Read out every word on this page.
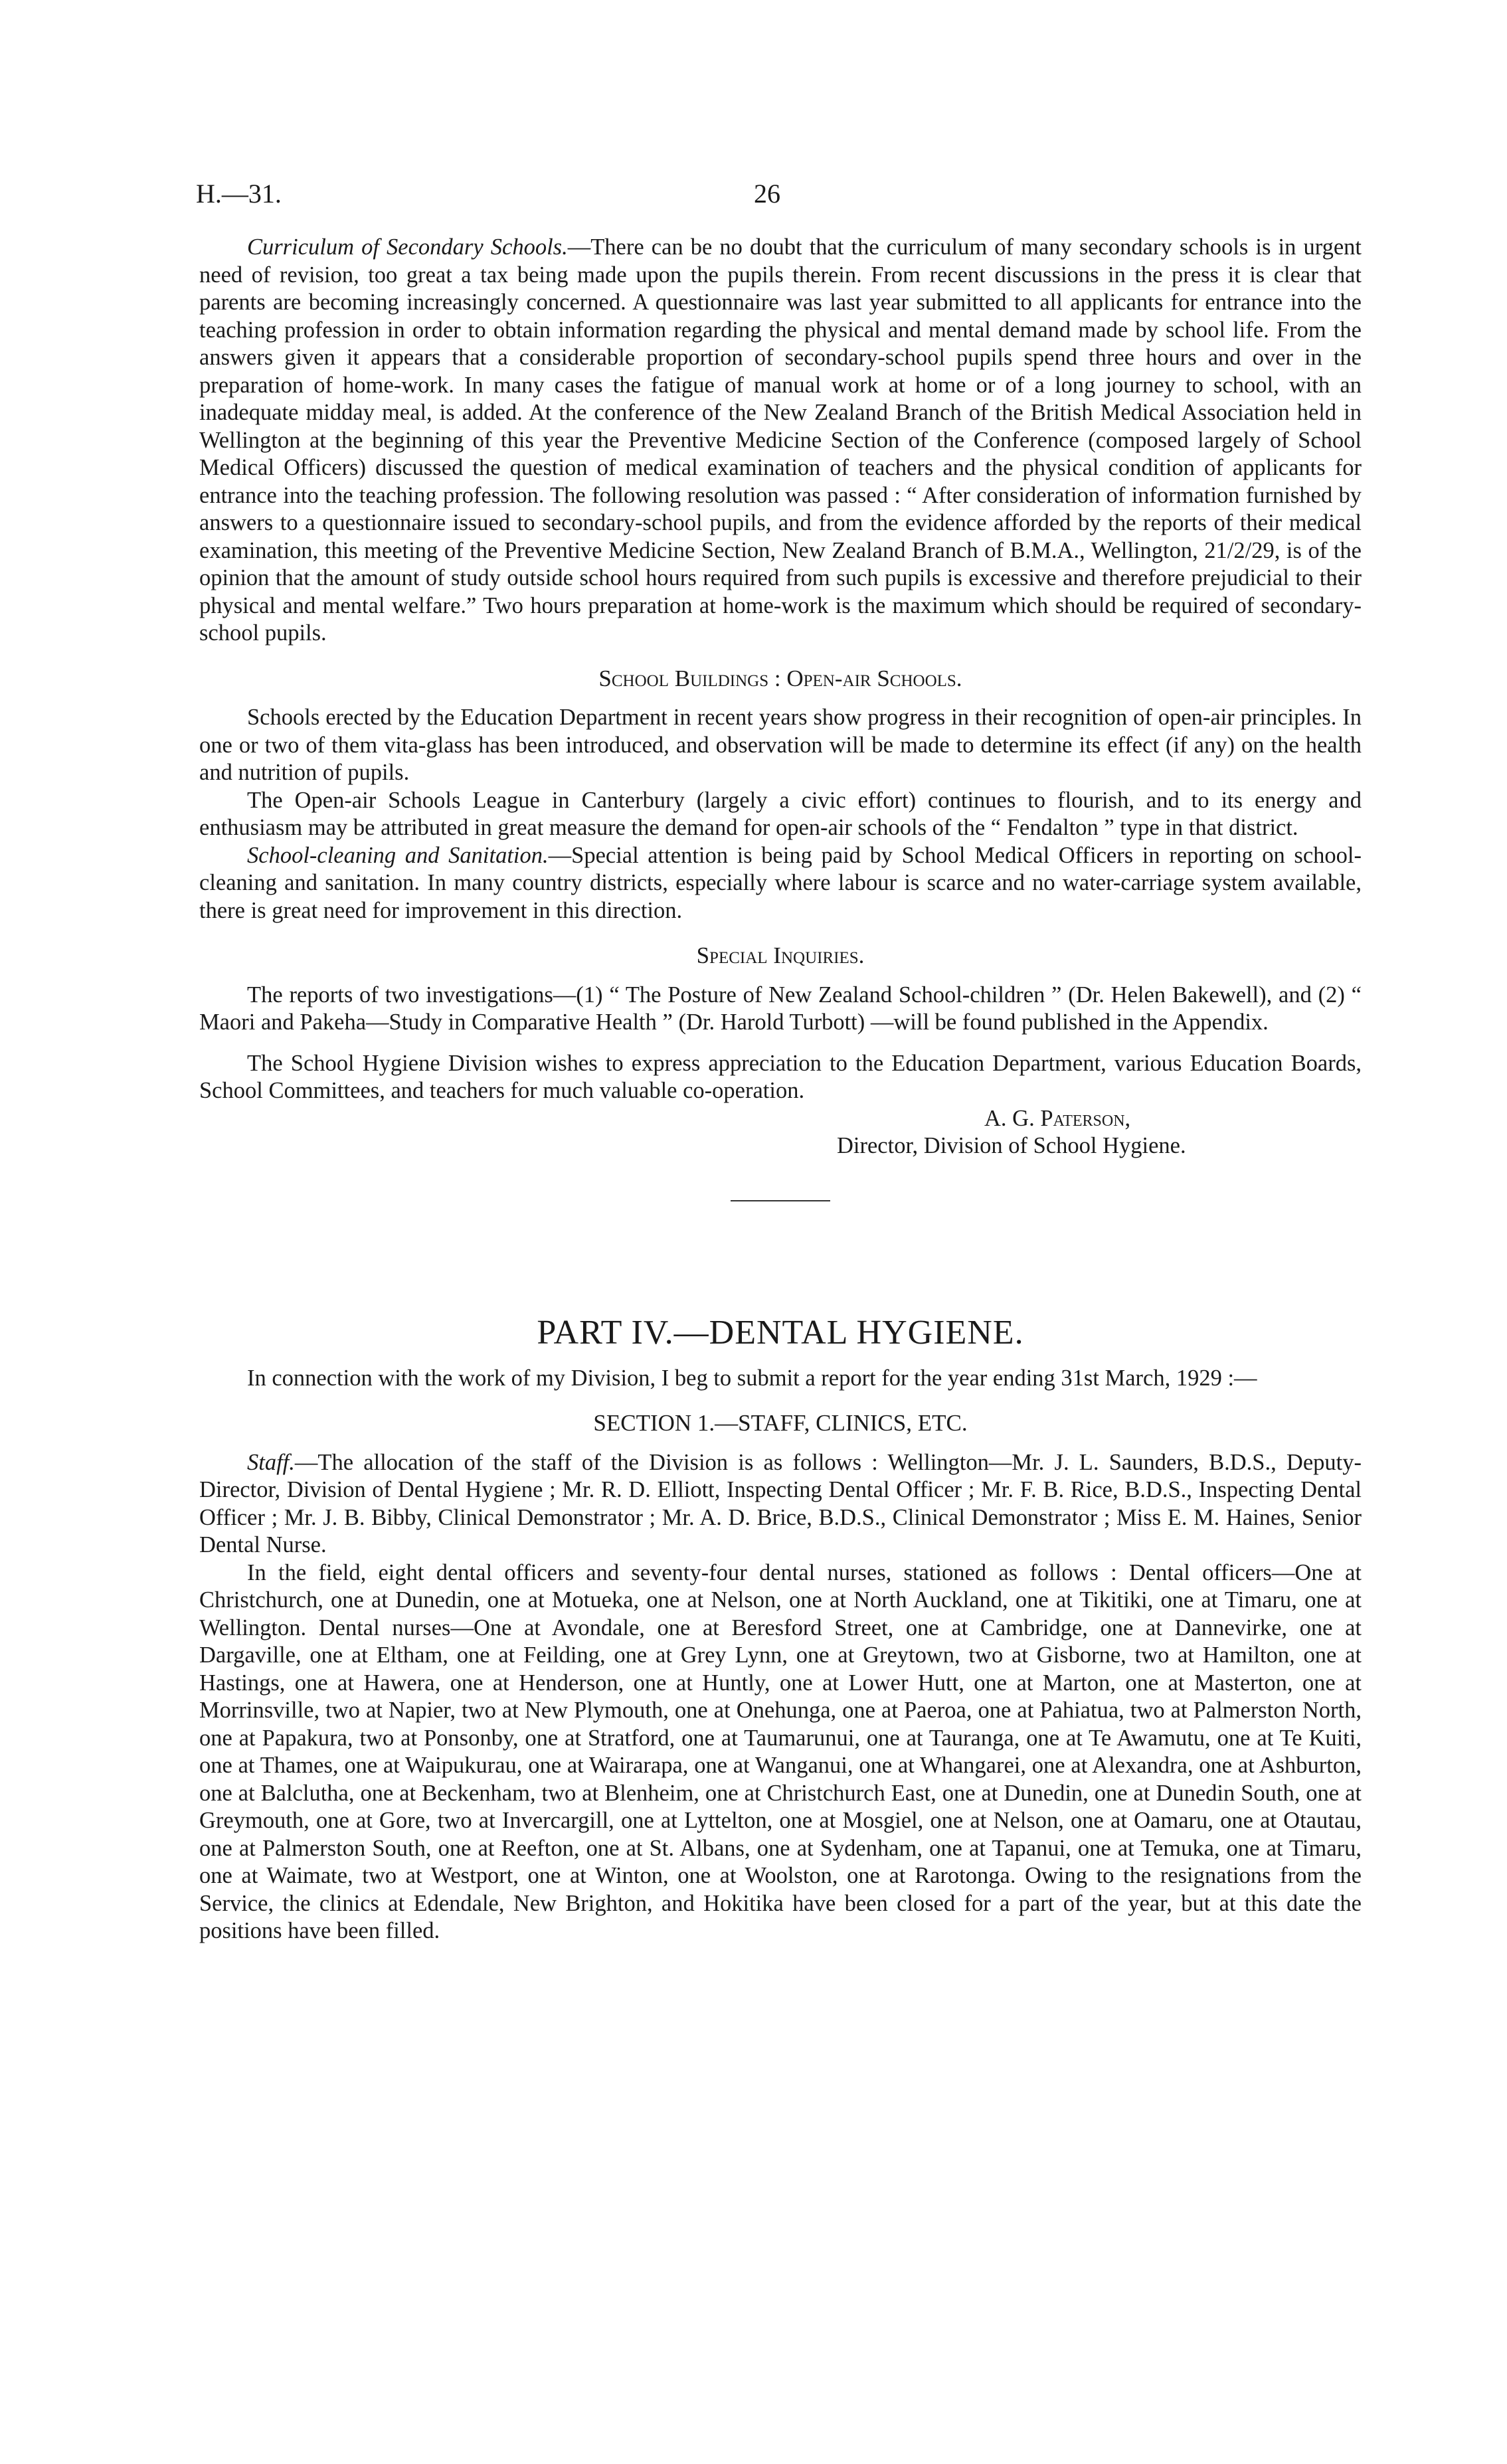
H.—31.	26

Curriculum of Secondary Schools.—There can be no doubt that the curriculum of many secondary schools is in urgent need of revision, too great a tax being made upon the pupils therein. From recent discussions in the press it is clear that parents are becoming increasingly concerned. A questionnaire was last year submitted to all applicants for entrance into the teaching profession in order to obtain information regarding the physical and mental demand made by school life. From the answers given it appears that a considerable proportion of secondary-school pupils spend three hours and over in the preparation of home-work. In many cases the fatigue of manual work at home or of a long journey to school, with an inadequate midday meal, is added. At the conference of the New Zealand Branch of the British Medical Association held in Wellington at the beginning of this year the Preventive Medicine Section of the Conference (composed largely of School Medical Officers) discussed the question of medical examination of teachers and the physical condition of applicants for entrance into the teaching profession. The following resolution was passed : “ After consideration of information furnished by answers to a questionnaire issued to secondary-school pupils, and from the evidence afforded by the reports of their medical examination, this meeting of the Preventive Medicine Section, New Zealand Branch of B.M.A., Wellington, 21/2/29, is of the opinion that the amount of study outside school hours required from such pupils is excessive and therefore prejudicial to their physical and mental welfare.” Two hours preparation at home-work is the maximum which should be required of secondary-school pupils.

School Buildings : Open-air Schools.

Schools erected by the Education Department in recent years show progress in their recognition of open-air principles. In one or two of them vita-glass has been introduced, and observation will be made to determine its effect (if any) on the health and nutrition of pupils.

The Open-air Schools League in Canterbury (largely a civic effort) continues to flourish, and to its energy and enthusiasm may be attributed in great measure the demand for open-air schools of the “ Fendalton ” type in that district.

School-cleaning and Sanitation.—Special attention is being paid by School Medical Officers in reporting on school-cleaning and sanitation. In many country districts, especially where labour is scarce and no water-carriage system available, there is great need for improvement in this direction.

Special Inquiries.

The reports of two investigations—(1) “ The Posture of New Zealand School-children ” (Dr. Helen Bakewell), and (2) “ Maori and Pakeha—Study in Comparative Health ” (Dr. Harold Turbott) —will be found published in the Appendix.

The School Hygiene Division wishes to express appreciation to the Education Department, various Education Boards, School Committees, and teachers for much valuable co-operation.

A. G. Paterson,
Director, Division of School Hygiene.

PART IV.—DENTAL HYGIENE.

In connection with the work of my Division, I beg to submit a report for the year ending 31st March, 1929 :—

SECTION 1.—STAFF, CLINICS, ETC.

Staff.—The allocation of the staff of the Division is as follows : Wellington—Mr. J. L. Saunders, B.D.S., Deputy-Director, Division of Dental Hygiene ; Mr. R. D. Elliott, Inspecting Dental Officer ; Mr. F. B. Rice, B.D.S., Inspecting Dental Officer ; Mr. J. B. Bibby, Clinical Demonstrator ; Mr. A. D. Brice, B.D.S., Clinical Demonstrator ; Miss E. M. Haines, Senior Dental Nurse.

In the field, eight dental officers and seventy-four dental nurses, stationed as follows : Dental officers—One at Christchurch, one at Dunedin, one at Motueka, one at Nelson, one at North Auckland, one at Tikitiki, one at Timaru, one at Wellington. Dental nurses—One at Avondale, one at Beresford Street, one at Cambridge, one at Dannevirke, one at Dargaville, one at Eltham, one at Feilding, one at Grey Lynn, one at Greytown, two at Gisborne, two at Hamilton, one at Hastings, one at Hawera, one at Henderson, one at Huntly, one at Lower Hutt, one at Marton, one at Masterton, one at Morrinsville, two at Napier, two at New Plymouth, one at Onehunga, one at Paeroa, one at Pahiatua, two at Palmerston North, one at Papakura, two at Ponsonby, one at Stratford, one at Taumarunui, one at Tauranga, one at Te Awamutu, one at Te Kuiti, one at Thames, one at Waipukurau, one at Wairarapa, one at Wanganui, one at Whangarei, one at Alexandra, one at Ashburton, one at Balclutha, one at Beckenham, two at Blenheim, one at Christchurch East, one at Dunedin, one at Dunedin South, one at Greymouth, one at Gore, two at Invercargill, one at Lyttelton, one at Mosgiel, one at Nelson, one at Oamaru, one at Otautau, one at Palmerston South, one at Reefton, one at St. Albans, one at Sydenham, one at Tapanui, one at Temuka, one at Timaru, one at Waimate, two at Westport, one at Winton, one at Woolston, one at Rarotonga. Owing to the resignations from the Service, the clinics at Edendale, New Brighton, and Hokitika have been closed for a part of the year, but at this date the positions have been filled.
